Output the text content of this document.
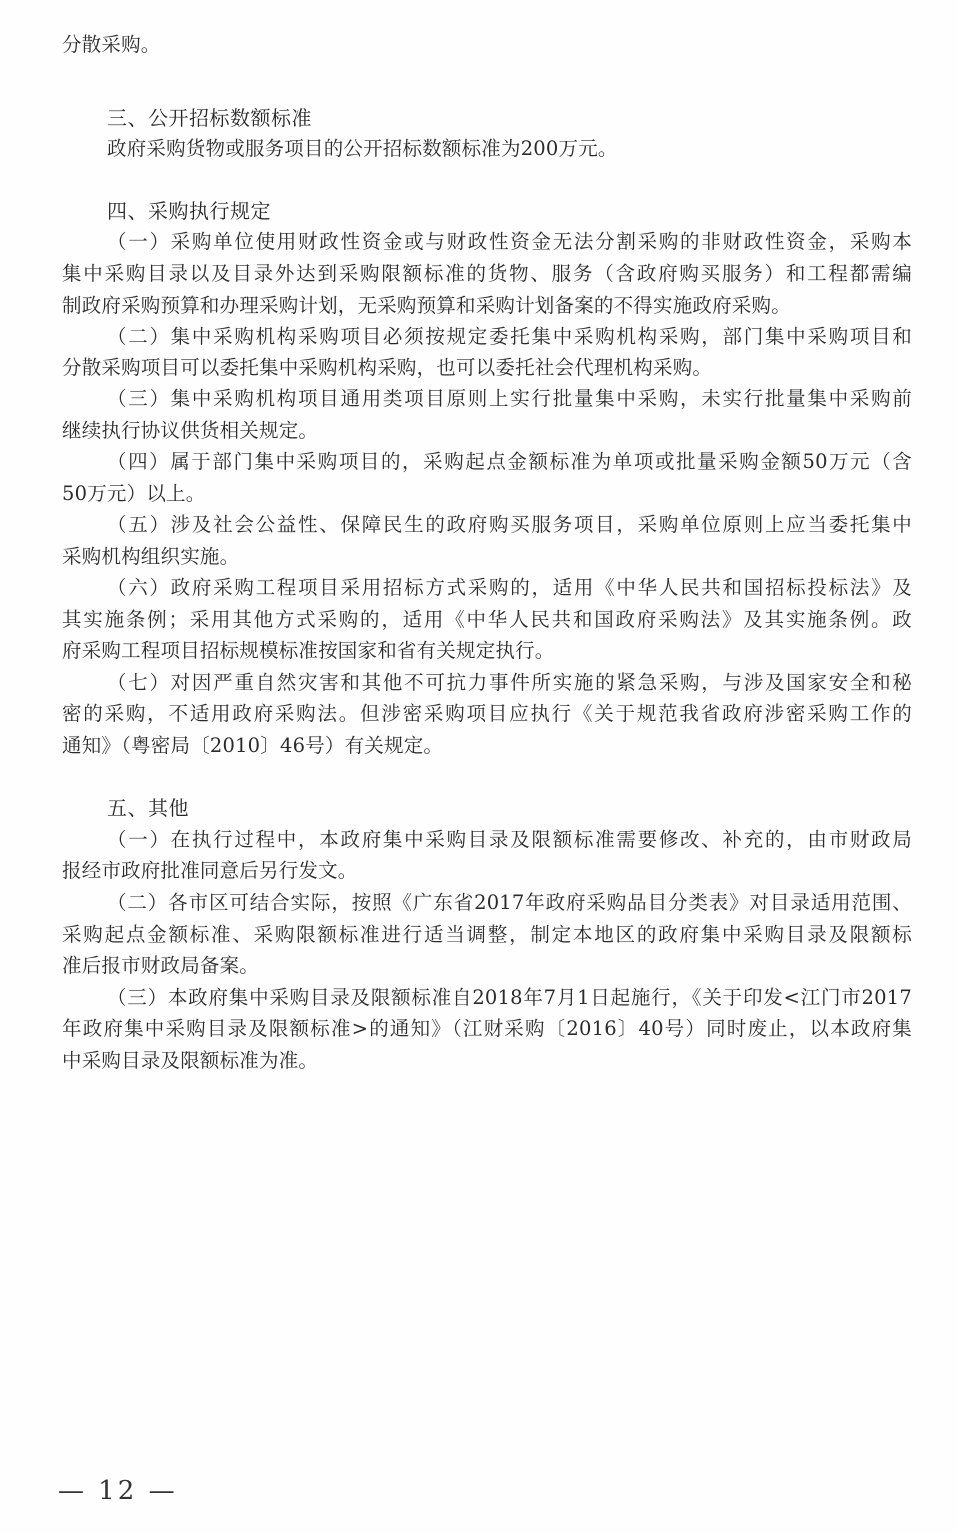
分散采购。
三、公开招标数额标准
政府采购货物或服务项目的公开招标数额标准为200万元。
四、采购执行规定
（一）采购单位使用财政性资金或与财政性资金无法分割采购的非财政性资金，采购本
集中采购目录以及目录外达到采购限额标准的货物、服务（含政府购买服务）和工程都需编
制政府采购预算和办理采购计划，无采购预算和采购计划备案的不得实施政府采购。
（二）集中采购机构采购项目必须按规定委托集中采购机构采购，部门集中采购项目和
分散采购项目可以委托集中采购机构采购，也可以委托社会代理机构采购。
（三）集中采购机构项目通用类项目原则上实行批量集中采购，未实行批量集中采购前
继续执行协议供货相关规定。
（四）属于部门集中采购项目的，采购起点金额标准为单项或批量采购金额50万元（含
50万元）以上。
（五）涉及社会公益性、保障民生的政府购买服务项目，采购单位原则上应当委托集中
采购机构组织实施。
（六）政府采购工程项目采用招标方式采购的，适用《中华人民共和国招标投标法》及
其实施条例；采用其他方式采购的，适用《中华人民共和国政府采购法》及其实施条例。政
府采购工程项目招标规模标准按国家和省有关规定执行。
（七）对因严重自然灾害和其他不可抗力事件所实施的紧急采购，与涉及国家安全和秘
密的采购，不适用政府采购法。但涉密采购项目应执行《关于规范我省政府涉密采购工作的
通知》（粤密局〔2010〕46号）有关规定。
五、其他
（一）在执行过程中，本政府集中采购目录及限额标准需要修改、补充的，由市财政局
报经市政府批准同意后另行发文。
（二）各市区可结合实际，按照《广东省2017年政府采购品目分类表》对目录适用范围、
采购起点金额标准、采购限额标准进行适当调整，制定本地区的政府集中采购目录及限额标
准后报市财政局备案。
（三）本政府集中采购目录及限额标准自2018年7月1日起施行，《关于印发<江门市2017
年政府集中采购目录及限额标准>的通知》（江财采购〔2016〕40号）同时废止，以本政府集
中采购目录及限额标准为准。
— 12 —
